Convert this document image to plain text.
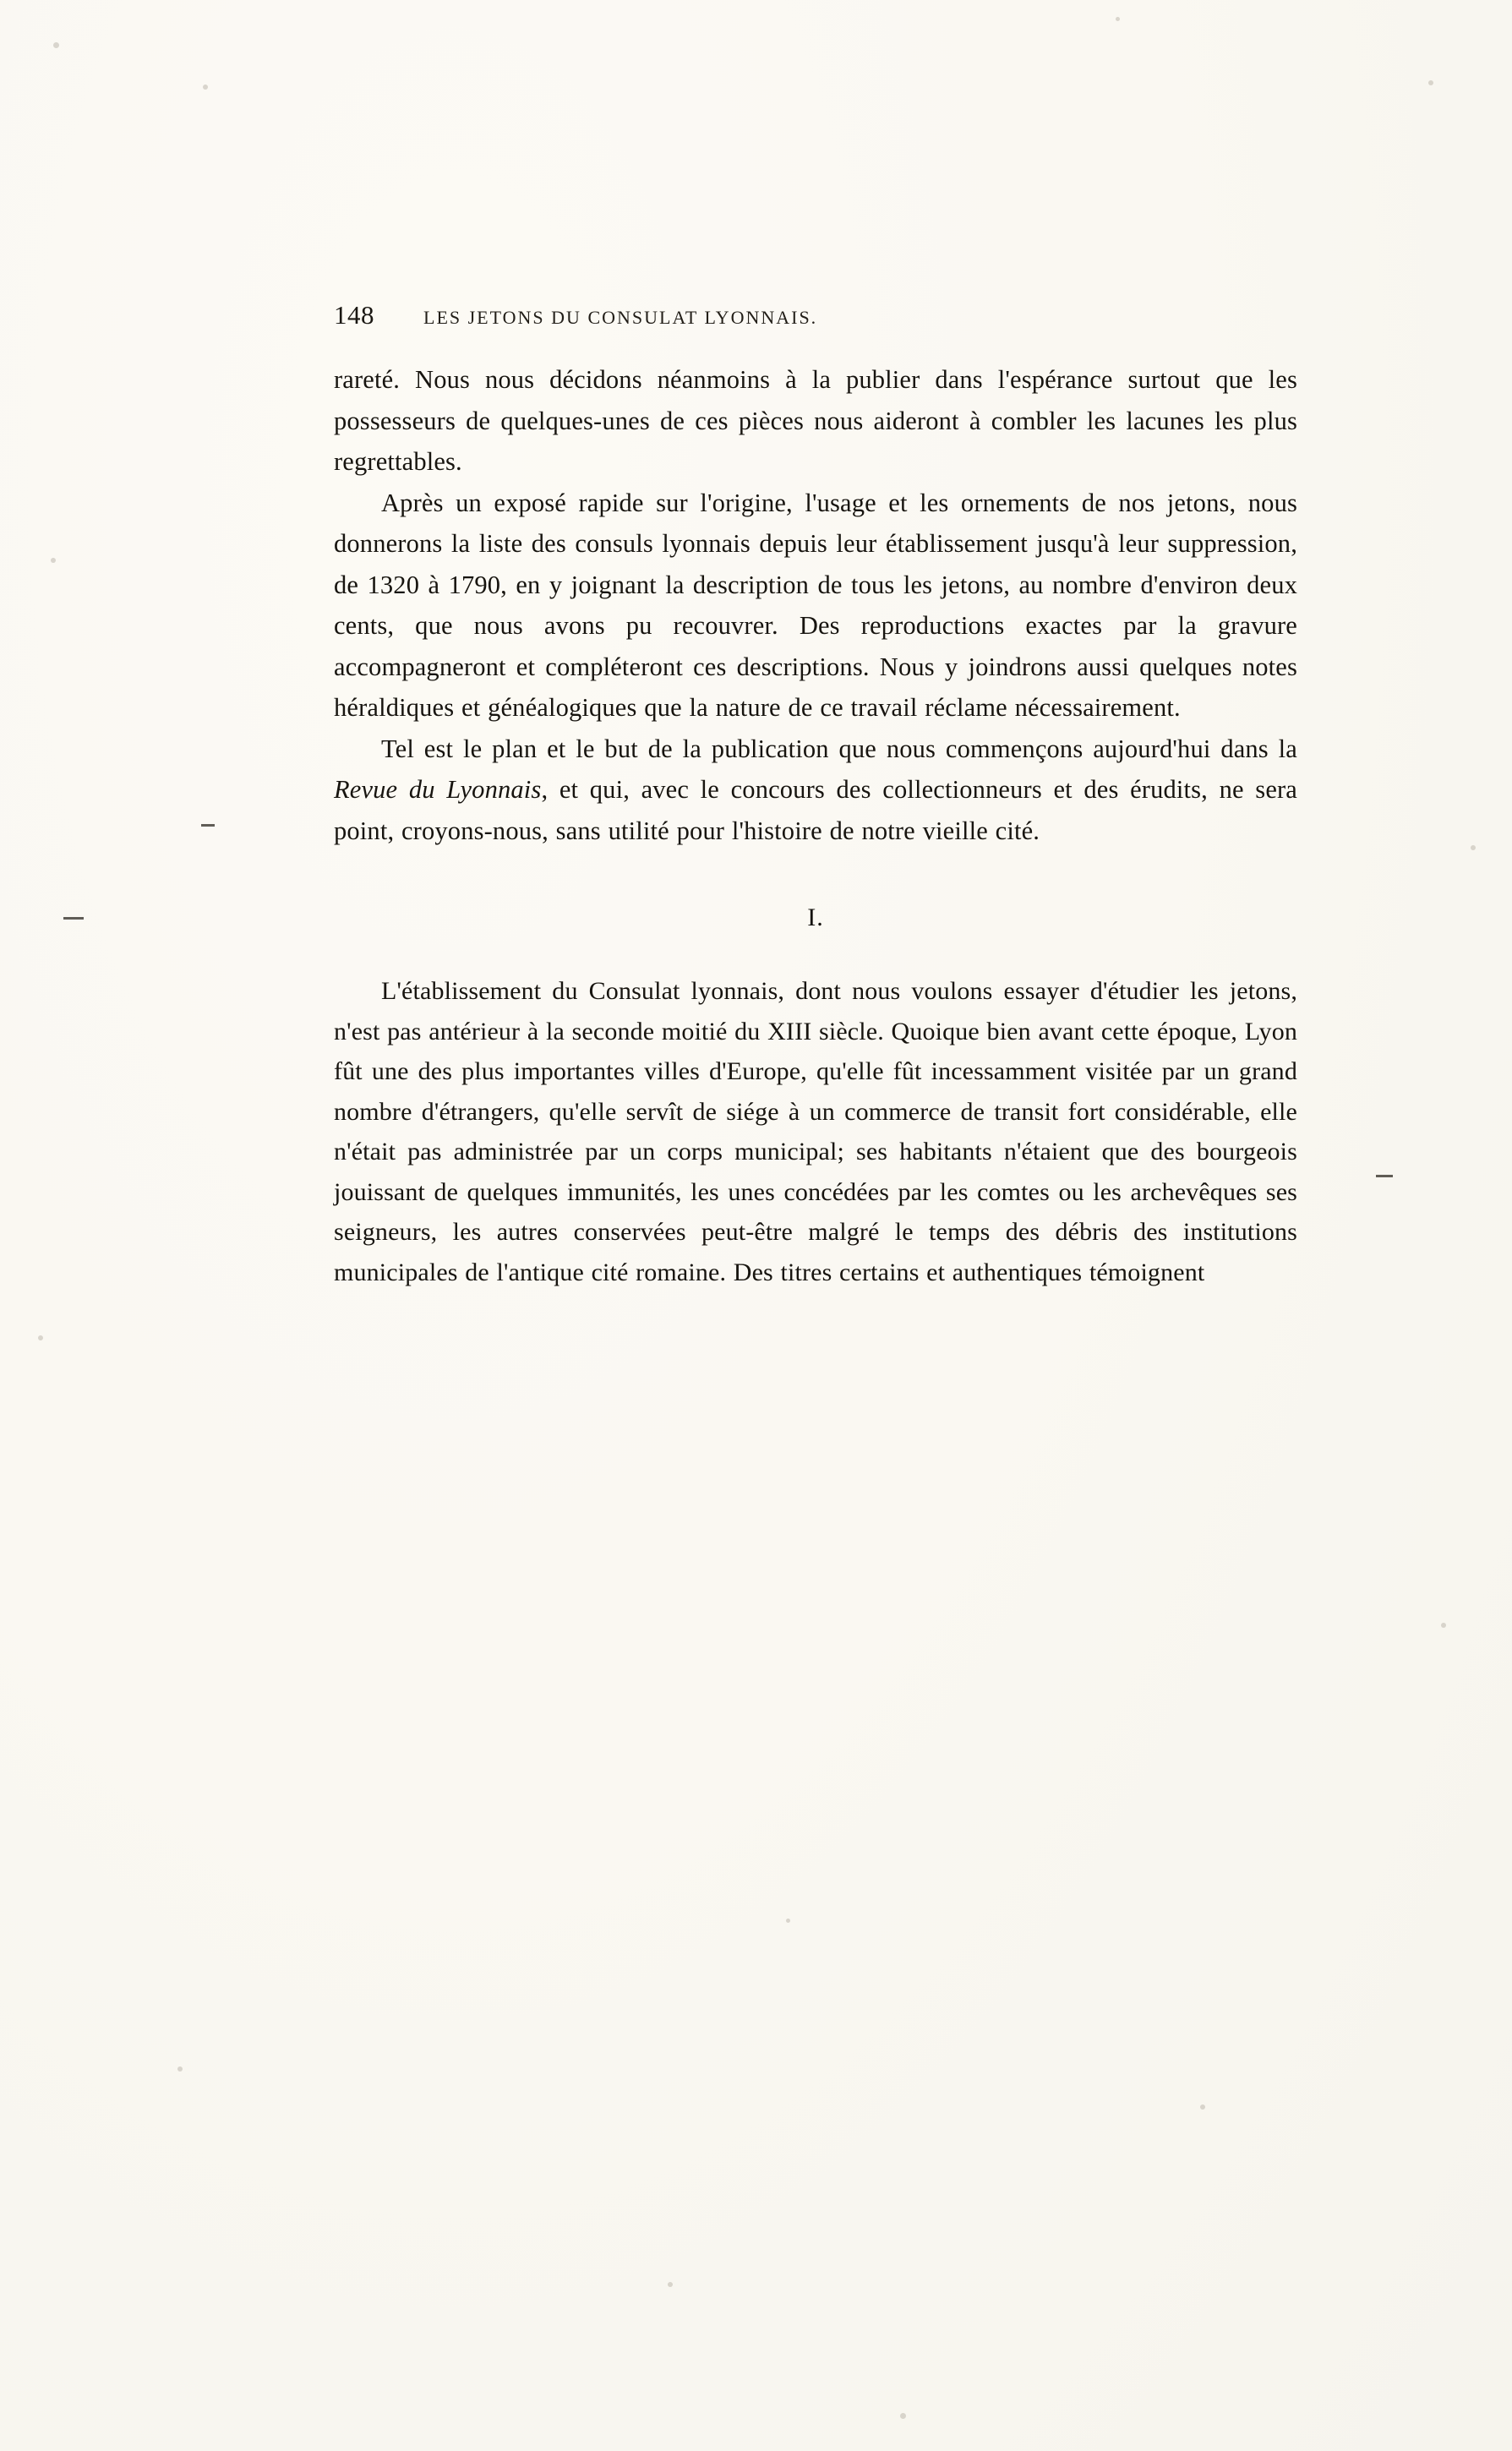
148	LES JETONS DU CONSULAT LYONNAIS.

rareté. Nous nous décidons néanmoins à la publier dans l'espérance surtout que les possesseurs de quelques-unes de ces pièces nous aideront à combler les lacunes les plus regrettables.

Après un exposé rapide sur l'origine, l'usage et les ornements de nos jetons, nous donnerons la liste des consuls lyonnais depuis leur établissement jusqu'à leur suppression, de 1320 à 1790, en y joignant la description de tous les jetons, au nombre d'environ deux cents, que nous avons pu recouvrer. Des reproductions exactes par la gravure accompagneront et compléteront ces descriptions. Nous y joindrons aussi quelques notes héraldiques et généalogiques que la nature de ce travail réclame nécessairement.

Tel est le plan et le but de la publication que nous commençons aujourd'hui dans la Revue du Lyonnais, et qui, avec le concours des collectionneurs et des érudits, ne sera point, croyons-nous, sans utilité pour l'histoire de notre vieille cité.

I.

L'établissement du Consulat lyonnais, dont nous voulons essayer d'étudier les jetons, n'est pas antérieur à la seconde moitié du XIII siècle. Quoique bien avant cette époque, Lyon fût une des plus importantes villes d'Europe, qu'elle fût incessamment visitée par un grand nombre d'étrangers, qu'elle servît de siége à un commerce de transit fort considérable, elle n'était pas administrée par un corps municipal; ses habitants n'étaient que des bourgeois jouissant de quelques immunités, les unes concédées par les comtes ou les archevêques ses seigneurs, les autres conservées peut-être malgré le temps des débris des institutions municipales de l'antique cité romaine. Des titres certains et authentiques témoignent
